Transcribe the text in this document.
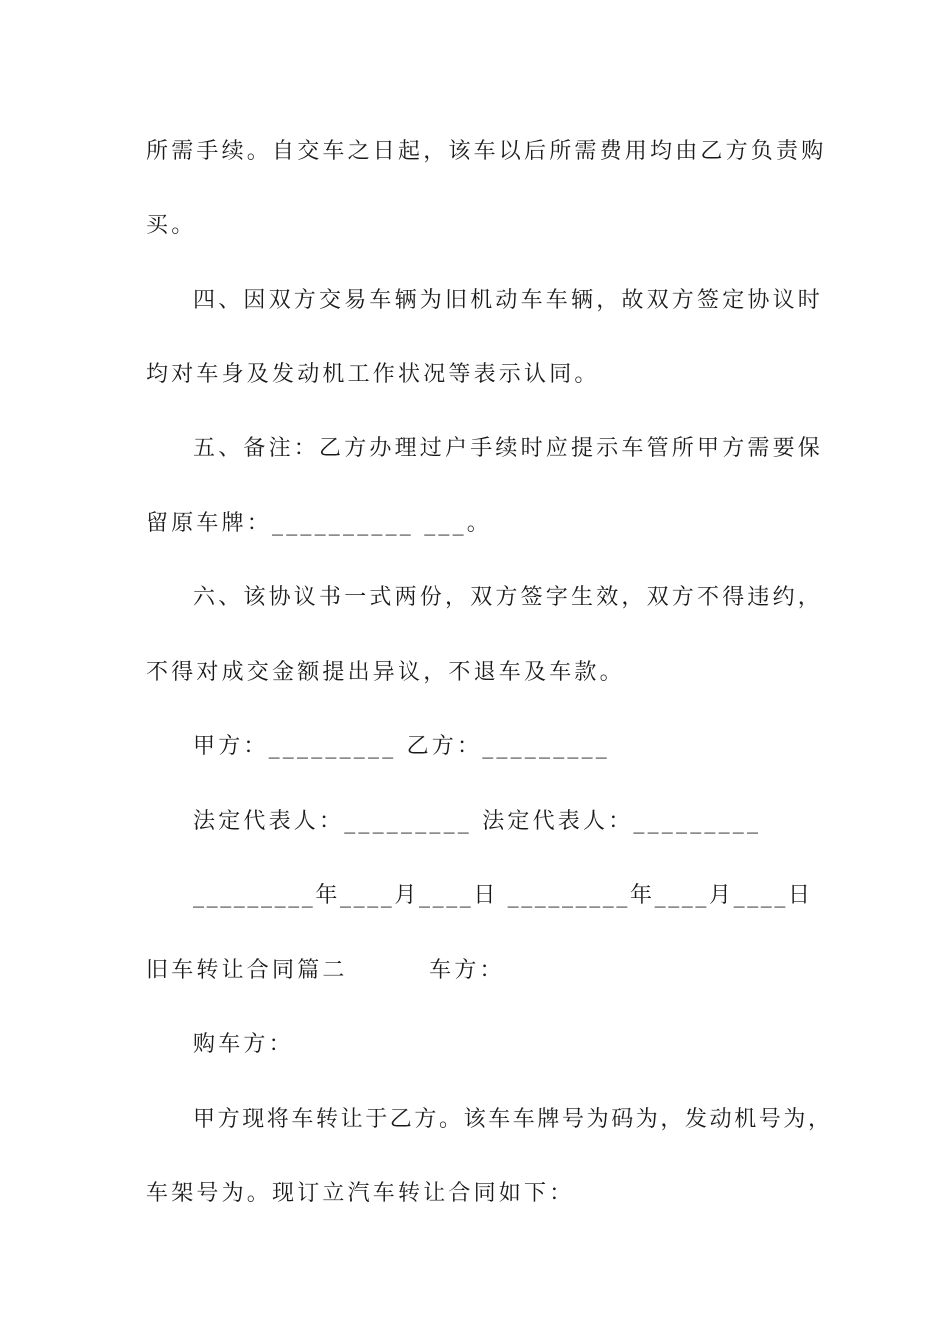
所需手续。自交车之日起，该车以后所需费用均由乙方负责购
买。
四、因双方交易车辆为旧机动车车辆，故双方签定协议时
均对车身及发动机工作状况等表示认同。
五、备注：乙方办理过户手续时应提示车管所甲方需要保
留原车牌：__________ ___。
六、该协议书一式两份，双方签字生效，双方不得违约，
不得对成交金额提出异议，不退车及车款。
甲方：_________ 乙方：_________
法定代表人：_________ 法定代表人：_________
_________年____月____日 _________年____月____日
旧车转让合同篇二        车方：
购车方：
甲方现将车转让于乙方。该车车牌号为码为，发动机号为，
车架号为。现订立汽车转让合同如下：
